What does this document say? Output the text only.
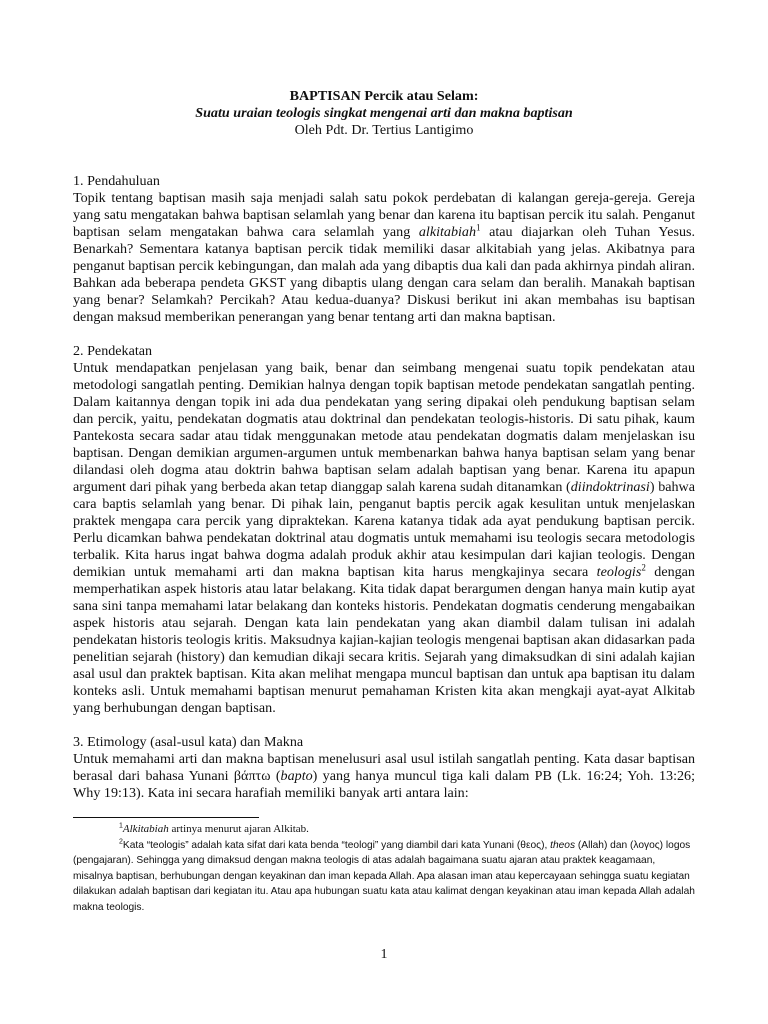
BAPTISAN Percik atau Selam:
Suatu uraian teologis singkat mengenai arti dan makna baptisan
Oleh Pdt. Dr. Tertius Lantigimo
1. Pendahuluan

Topik tentang baptisan masih saja menjadi salah satu pokok perdebatan di kalangan gereja-gereja. Gereja yang satu mengatakan bahwa baptisan selamlah yang benar dan karena itu baptisan percik itu salah. Penganut baptisan selam mengatakan bahwa cara selamlah yang alkitabiah$^1$ atau diajarkan oleh Tuhan Yesus. Benarkah? Sementara katanya baptisan percik tidak memiliki dasar alkitabiah yang jelas. Akibatnya para penganut baptisan percik kebingungan, dan malah ada yang dibaptis dua kali dan pada akhirnya pindah aliran. Bahkan ada beberapa pendeta GKST yang dibaptis ulang dengan cara selam dan beralih. Manakah baptisan yang benar? Selamkah? Percikah? Atau kedua-duanya? Diskusi berikut ini akan membahas isu baptisan dengan maksud memberikan penerangan yang benar tentang arti dan makna baptisan.

2. Pendekatan

Untuk mendapatkan penjelasan yang baik, benar dan seimbang mengenai suatu topik pendekatan atau metodologi sangatlah penting. Demikian halnya dengan topik baptisan metode pendekatan sangatlah penting. Dalam kaitannya dengan topik ini ada dua pendekatan yang sering dipakai oleh pendukung baptisan selam dan percik, yaitu, pendekatan dogmatis atau doktrinal dan pendekatan teologis-historis. Di satu pihak, kaum Pantekosta secara sadar atau tidak menggunakan metode atau pendekatan dogmatis dalam menjelaskan isu baptisan. Dengan demikian argumen-argumen untuk membenarkan bahwa hanya baptisan selam yang benar dilandasi oleh dogma atau doktrin bahwa baptisan selam adalah baptisan yang benar. Karena itu apapun argument dari pihak yang berbeda akan tetap dianggap salah karena sudah ditanamkan (diindoktrinasi) bahwa cara baptis selamlah yang benar. Di pihak lain, penganut baptis percik agak kesulitan untuk menjelaskan praktek mengapa cara percik yang dipraktekan. Karena katanya tidak ada ayat pendukung baptisan percik. Perlu dicamkan bahwa pendekatan doktrinal atau dogmatis untuk memahami isu teologis secara metodologis terbalik. Kita harus ingat bahwa dogma adalah produk akhir atau kesimpulan dari kajian teologis. Dengan demikian untuk memahami arti dan makna baptisan kita harus mengkajinya secara teologis$^2$ dengan memperhatikan aspek historis atau latar belakang. Kita tidak dapat berargumen dengan hanya main kutip ayat sana sini tanpa memahami latar belakang dan konteks historis. Pendekatan dogmatis cenderung mengabaikan aspek historis atau sejarah. Dengan kata lain pendekatan yang akan diambil dalam tulisan ini adalah pendekatan historis teologis kritis. Maksudnya kajian-kajian teologis mengenai baptisan akan didasarkan pada penelitian sejarah (history) dan kemudian dikaji secara kritis. Sejarah yang dimaksudkan di sini adalah kajian asal usul dan praktek baptisan. Kita akan melihat mengapa muncul baptisan dan untuk apa baptisan itu dalam konteks asli. Untuk memahami baptisan menurut pemahaman Kristen kita akan mengkaji ayat-ayat Alkitab yang berhubungan dengan baptisan.

3. Etimology (asal-usul kata) dan Makna

Untuk memahami arti dan makna baptisan menelusuri asal usul istilah sangatlah penting. Kata dasar baptisan berasal dari bahasa Yunani βάπτω (bapto) yang hanya muncul tiga kali dalam PB (Lk. 16:24; Yoh. 13:26; Why 19:13). Kata ini secara harafiah memiliki banyak arti antara lain:

$^1$Alkitabiah artinya menurut ajaran Alkitab.
$^2$Kata “teologis” adalah kata sifat dari kata benda “teologi” yang diambil dari kata Yunani (θεος), theos (Allah) dan (λογος) logos (pengajaran). Sehingga yang dimaksud dengan makna teologis di atas adalah bagaimana suatu ajaran atau praktek keagamaan, misalnya baptisan, berhubungan dengan keyakinan dan iman kepada Allah. Apa alasan iman atau kepercayaan sehingga suatu kegiatan dilakukan adalah baptisan dari kegiatan itu. Atau apa hubungan suatu kata atau kalimat dengan keyakinan atau iman kepada Allah adalah makna teologis.
1
